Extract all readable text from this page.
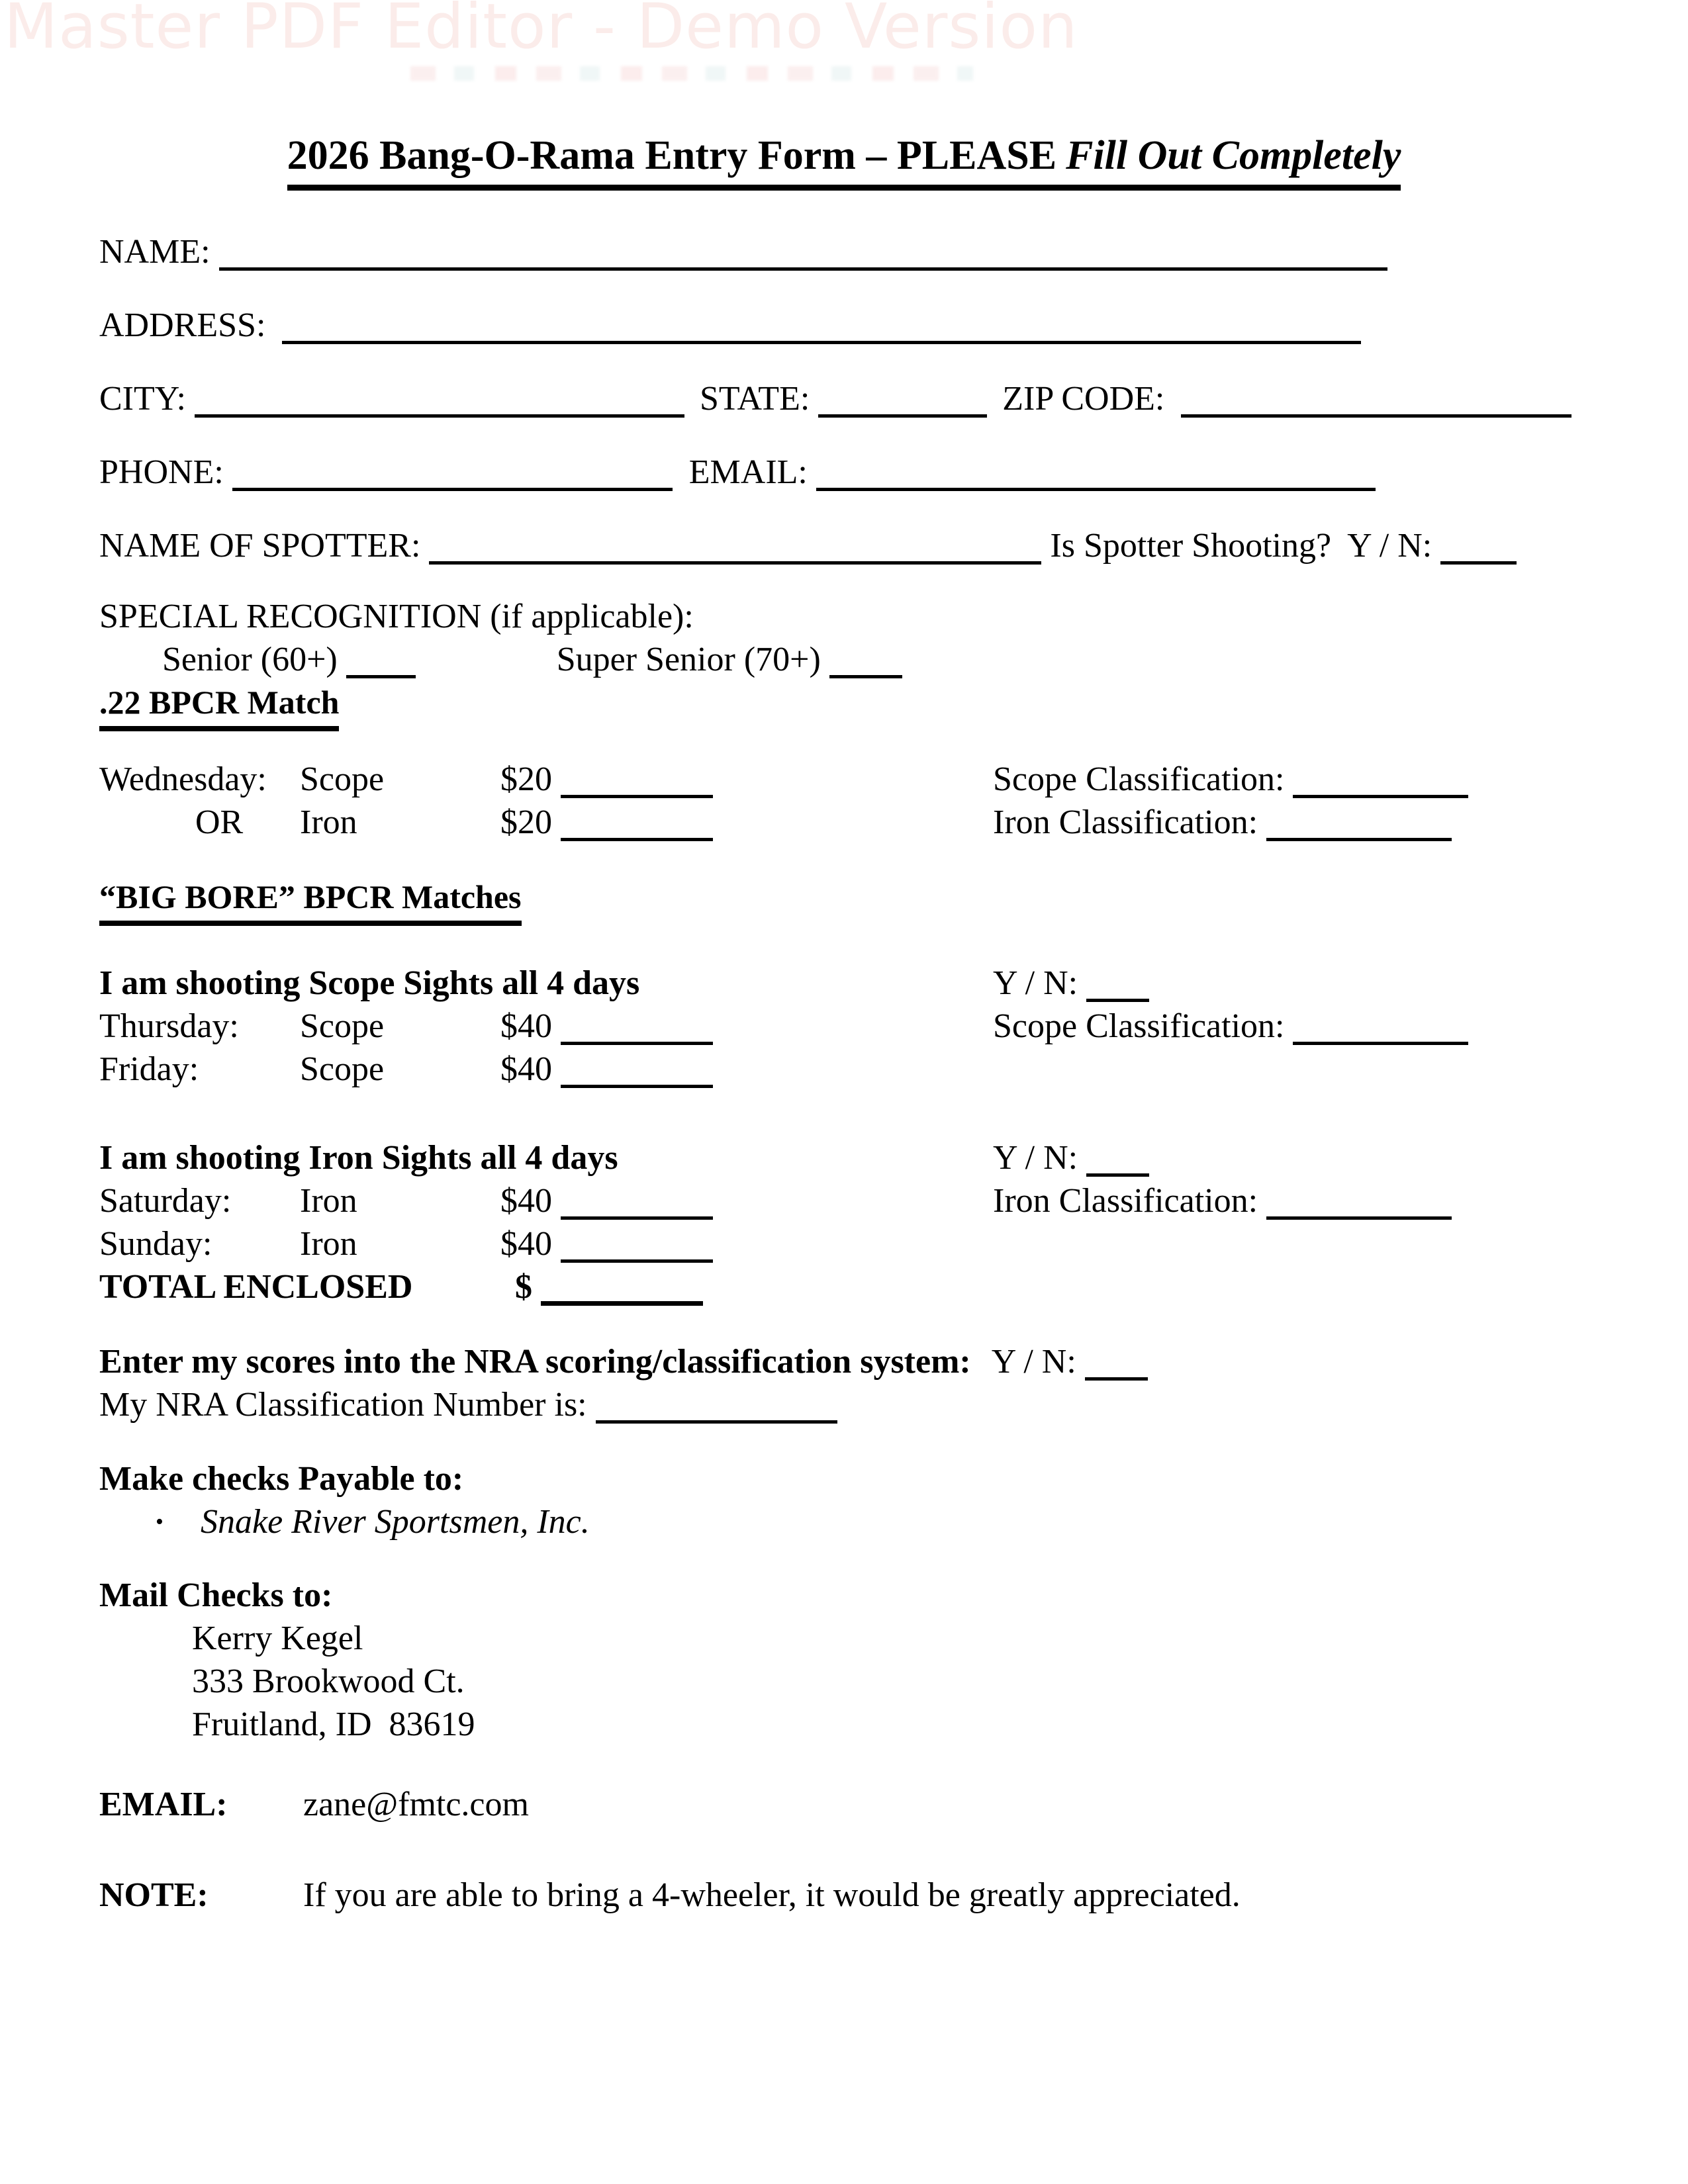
Master PDF Editor - Demo Version
2026 Bang-O-Rama Entry Form – PLEASE Fill Out Completely
NAME:
ADDRESS:
CITY:	STATE:	ZIP CODE:
PHONE:	EMAIL:
NAME OF SPOTTER:	Is Spotter Shooting?  Y / N:
SPECIAL RECOGNITION (if applicable):
Senior (60+)	Super Senior (70+)
.22 BPCR Match
Wednesday: Scope	$20	Scope Classification:
OR Iron	$20	Iron Classification:
“BIG BORE” BPCR Matches
I am shooting Scope Sights all 4 days	Y / N:
Thursday: Scope	$40	Scope Classification:
Friday:	Scope	$40
I am shooting Iron Sights all 4 days	Y / N:
Saturday: Iron	$40	Iron Classification:
Sunday:	Iron	$40
TOTAL ENCLOSED	$
Enter my scores into the NRA scoring/classification system: Y / N:
My NRA Classification Number is:
Make checks Payable to:
• Snake River Sportsmen, Inc.
Mail Checks to:
Kerry Kegel
333 Brookwood Ct.
Fruitland, ID  83619
EMAIL: zane@fmtc.com
NOTE:	If you are able to bring a 4-wheeler, it would be greatly appreciated.
